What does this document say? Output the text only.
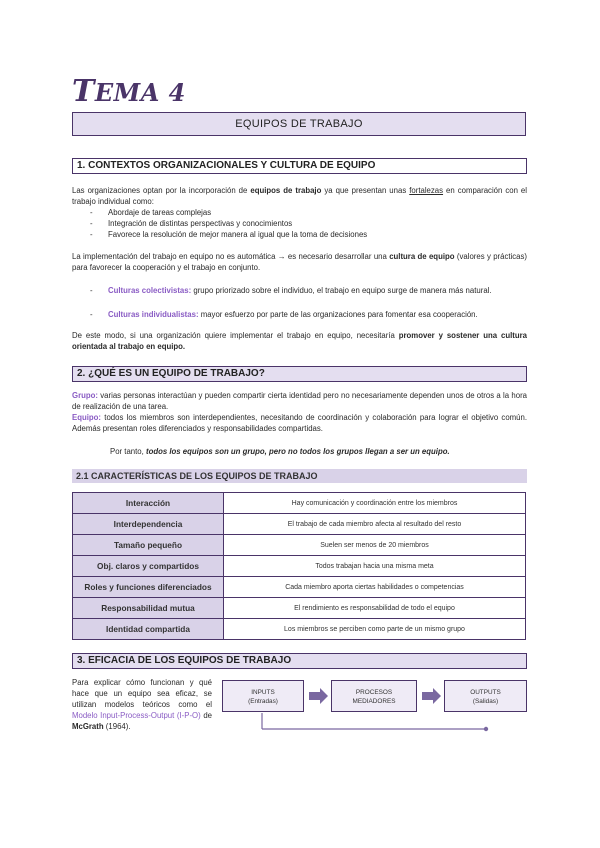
TEMA 4
EQUIPOS DE TRABAJO
1. CONTEXTOS ORGANIZACIONALES Y CULTURA DE EQUIPO

Las organizaciones optan por la incorporación de equipos de trabajo ya que presentan unas fortalezas en comparación con el trabajo individual como:

- Abordaje de tareas complejas
- Integración de distintas perspectivas y conocimientos
- Favorece la resolución de mejor manera al igual que la toma de decisiones

La implementación del trabajo en equipo no es automática → es necesario desarrollar una cultura de equipo (valores y prácticas) para favorecer la cooperación y el trabajo en conjunto.

- Culturas colectivistas: grupo priorizado sobre el individuo, el trabajo en equipo surge de manera más natural.
- Culturas individualistas: mayor esfuerzo por parte de las organizaciones para fomentar esa cooperación.

De este modo, si una organización quiere implementar el trabajo en equipo, necesitaría promover y sostener una cultura orientada al trabajo en equipo.

2. ¿QUÉ ES UN EQUIPO DE TRABAJO?

Grupo: varias personas interactúan y pueden compartir cierta identidad pero no necesariamente dependen unos de otros a la hora de realización de una tarea.

Equipo: todos los miembros son interdependientes, necesitando de coordinación y colaboración para lograr el objetivo común. Además presentan roles diferenciados y responsabilidades compartidas.

Por tanto, todos los equipos son un grupo, pero no todos los grupos llegan a ser un equipo.

2.1 CARACTERÍSTICAS DE LOS EQUIPOS DE TRABAJO
Interacción	Hay comunicación y coordinación entre los miembros
Interdependencia	El trabajo de cada miembro afecta al resultado del resto
Tamaño pequeño	Suelen ser menos de 20 miembros
Obj. claros y compartidos	Todos trabajan hacia una misma meta
Roles y funciones diferenciados	Cada miembro aporta ciertas habilidades o competencias
Responsabilidad mutua	El rendimiento es responsabilidad de todo el equipo
Identidad compartida	Los miembros se perciben como parte de un mismo grupo
3. EFICACIA DE LOS EQUIPOS DE TRABAJO

Para explicar cómo funcionan y qué hace que un equipo sea eficaz, se utilizan modelos teóricos como el Modelo Input-Process-Output (I-P-O) de McGrath (1964).

INPUTS
(Entradas)
PROCESOS
MEDIADORES
OUTPUTS
(Salidas)
